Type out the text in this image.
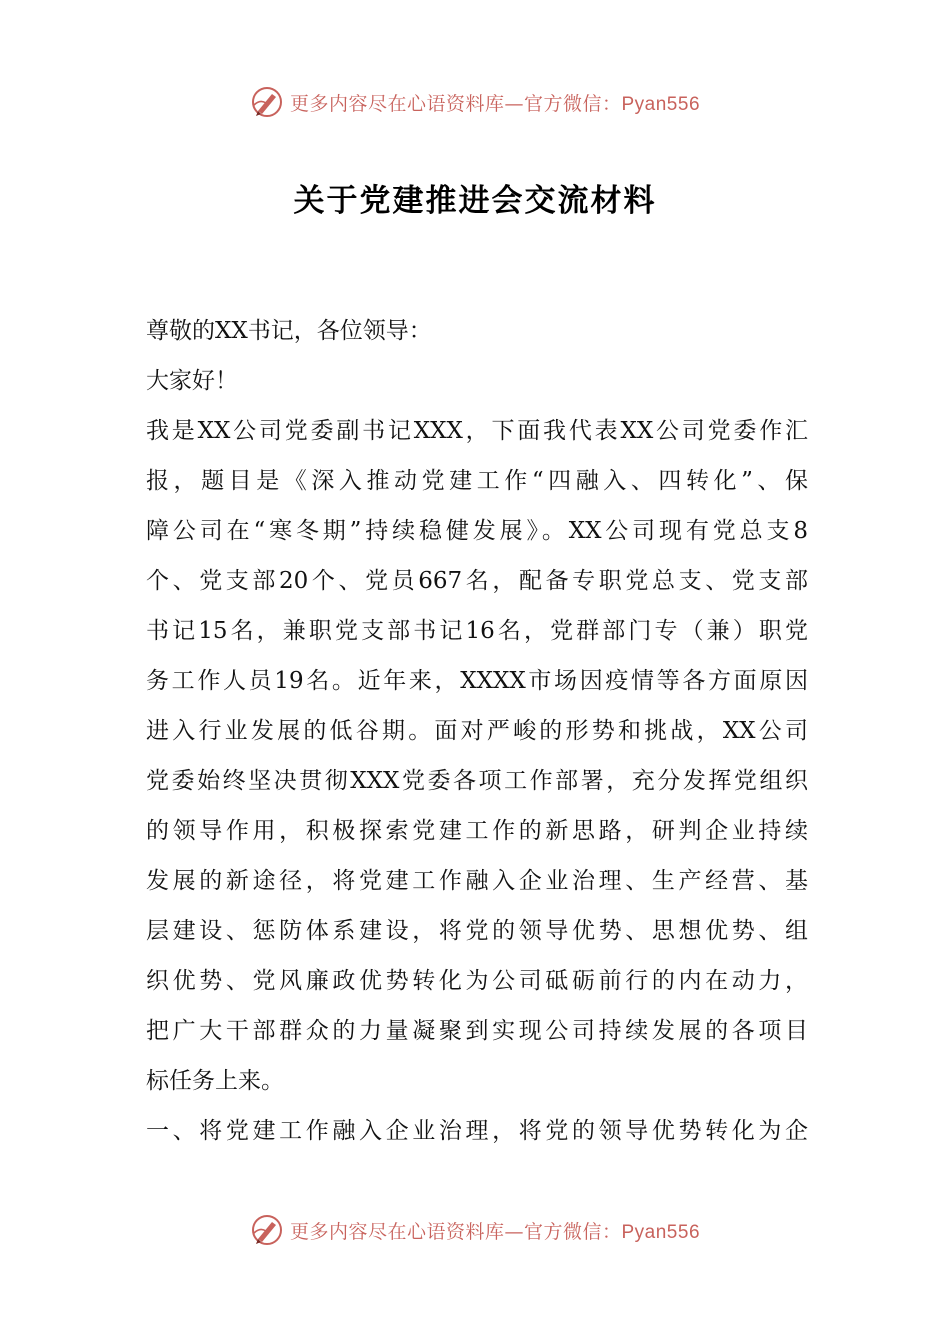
更多内容尽在心语资料库—官方微信：Pyan556
关于党建推进会交流材料
尊敬的XX书记，各位领导：
大家好！
我是XX公司党委副书记XXX，下面我代表XX公司党委作汇
报，题目是《深入推动党建工作“四融入、四转化”、保
障公司在“寒冬期”持续稳健发展》。XX公司现有党总支8
个、党支部20个、党员667名，配备专职党总支、党支部
书记15名，兼职党支部书记16名，党群部门专（兼）职党
务工作人员19名。近年来，XXXX市场因疫情等各方面原因
进入行业发展的低谷期。面对严峻的形势和挑战，XX公司
党委始终坚决贯彻XXX党委各项工作部署，充分发挥党组织
的领导作用，积极探索党建工作的新思路，研判企业持续
发展的新途径，将党建工作融入企业治理、生产经营、基
层建设、惩防体系建设，将党的领导优势、思想优势、组
织优势、党风廉政优势转化为公司砥砺前行的内在动力，
把广大干部群众的力量凝聚到实现公司持续发展的各项目
标任务上来。
一、将党建工作融入企业治理，将党的领导优势转化为企
更多内容尽在心语资料库—官方微信：Pyan556
